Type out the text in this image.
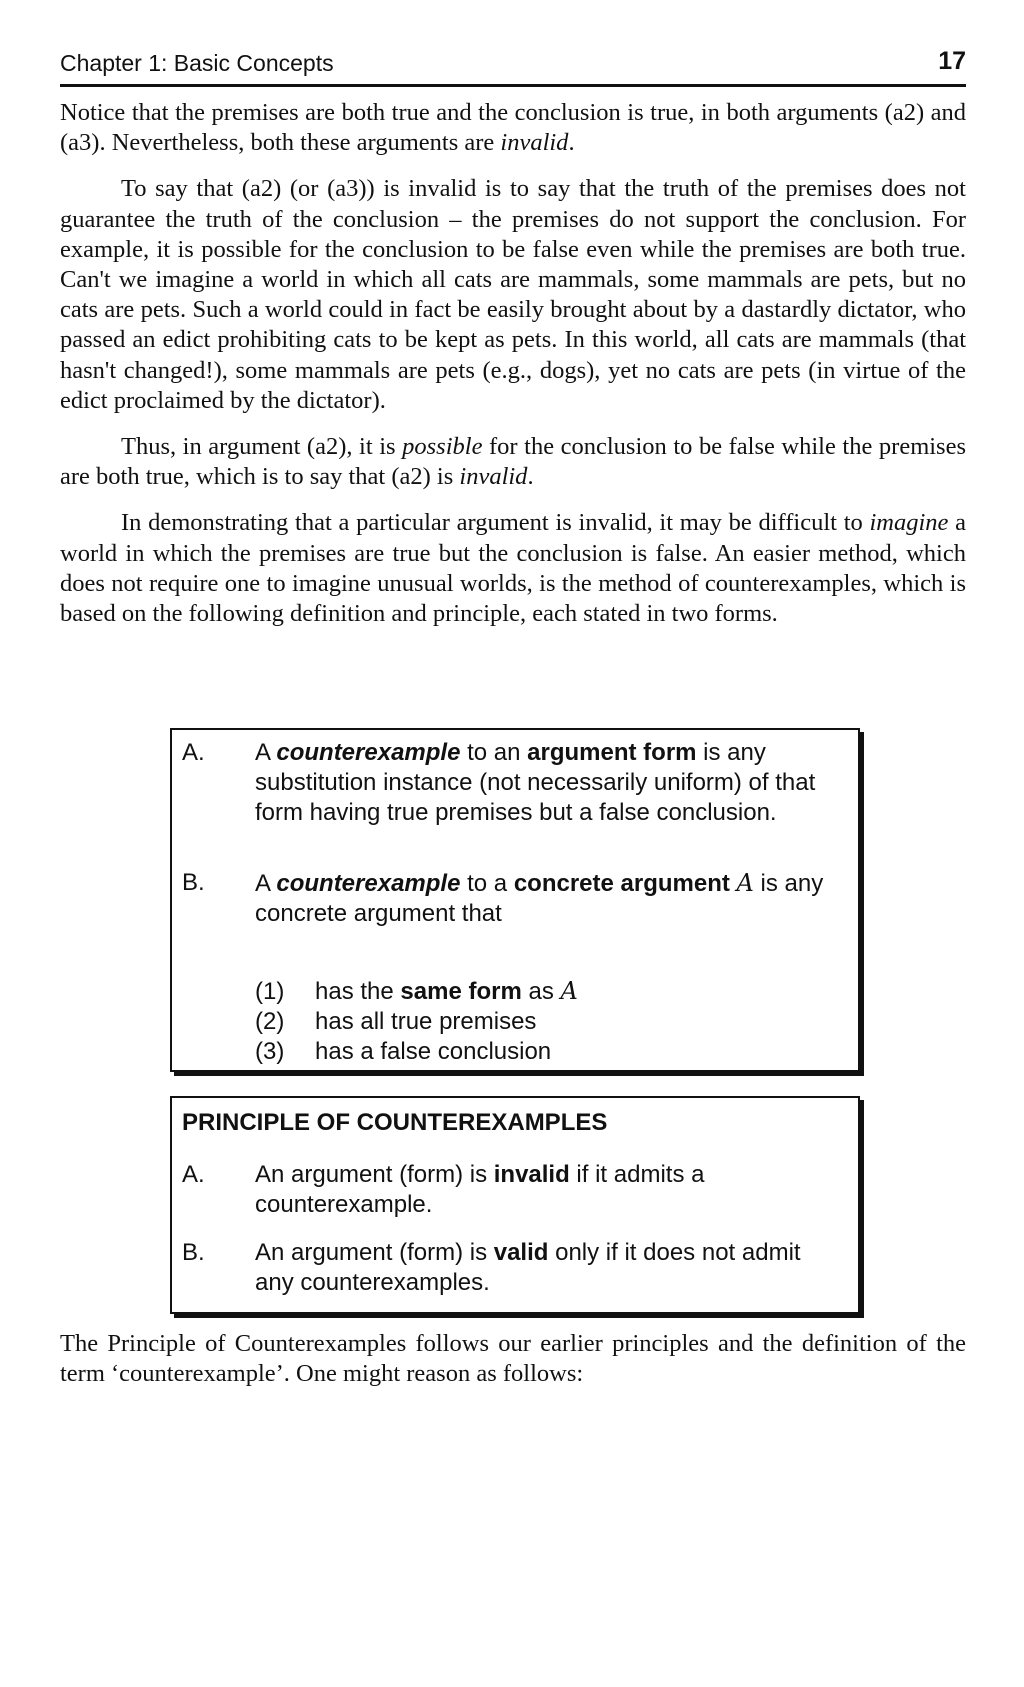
Chapter 1: Basic Concepts	17

Notice that the premises are both true and the conclusion is true, in both arguments (a2) and (a3). Nevertheless, both these arguments are invalid.

To say that (a2) (or (a3)) is invalid is to say that the truth of the premises does not guarantee the truth of the conclusion – the premises do not support the conclusion. For example, it is possible for the conclusion to be false even while the premises are both true. Can't we imagine a world in which all cats are mammals, some mammals are pets, but no cats are pets. Such a world could in fact be easily brought about by a dastardly dictator, who passed an edict prohibiting cats to be kept as pets. In this world, all cats are mammals (that hasn't changed!), some mammals are pets (e.g., dogs), yet no cats are pets (in virtue of the edict proclaimed by the dictator).

Thus, in argument (a2), it is possible for the conclusion to be false while the premises are both true, which is to say that (a2) is invalid.

In demonstrating that a particular argument is invalid, it may be difficult to imagine a world in which the premises are true but the conclusion is false. An easier method, which does not require one to imagine unusual worlds, is the method of counterexamples, which is based on the following definition and principle, each stated in two forms.

A. A counterexample to an argument form is any substitution instance (not necessarily uniform) of that form having true premises but a false conclusion.
B. A counterexample to a concrete argument A is any concrete argument that
(1) has the same form as A
(2) has all true premises
(3) has a false conclusion
PRINCIPLE OF COUNTEREXAMPLES
A. An argument (form) is invalid if it admits a counterexample.
B. An argument (form) is valid only if it does not admit any counterexamples.
The Principle of Counterexamples follows our earlier principles and the definition of the term ‘counterexample’. One might reason as follows:
